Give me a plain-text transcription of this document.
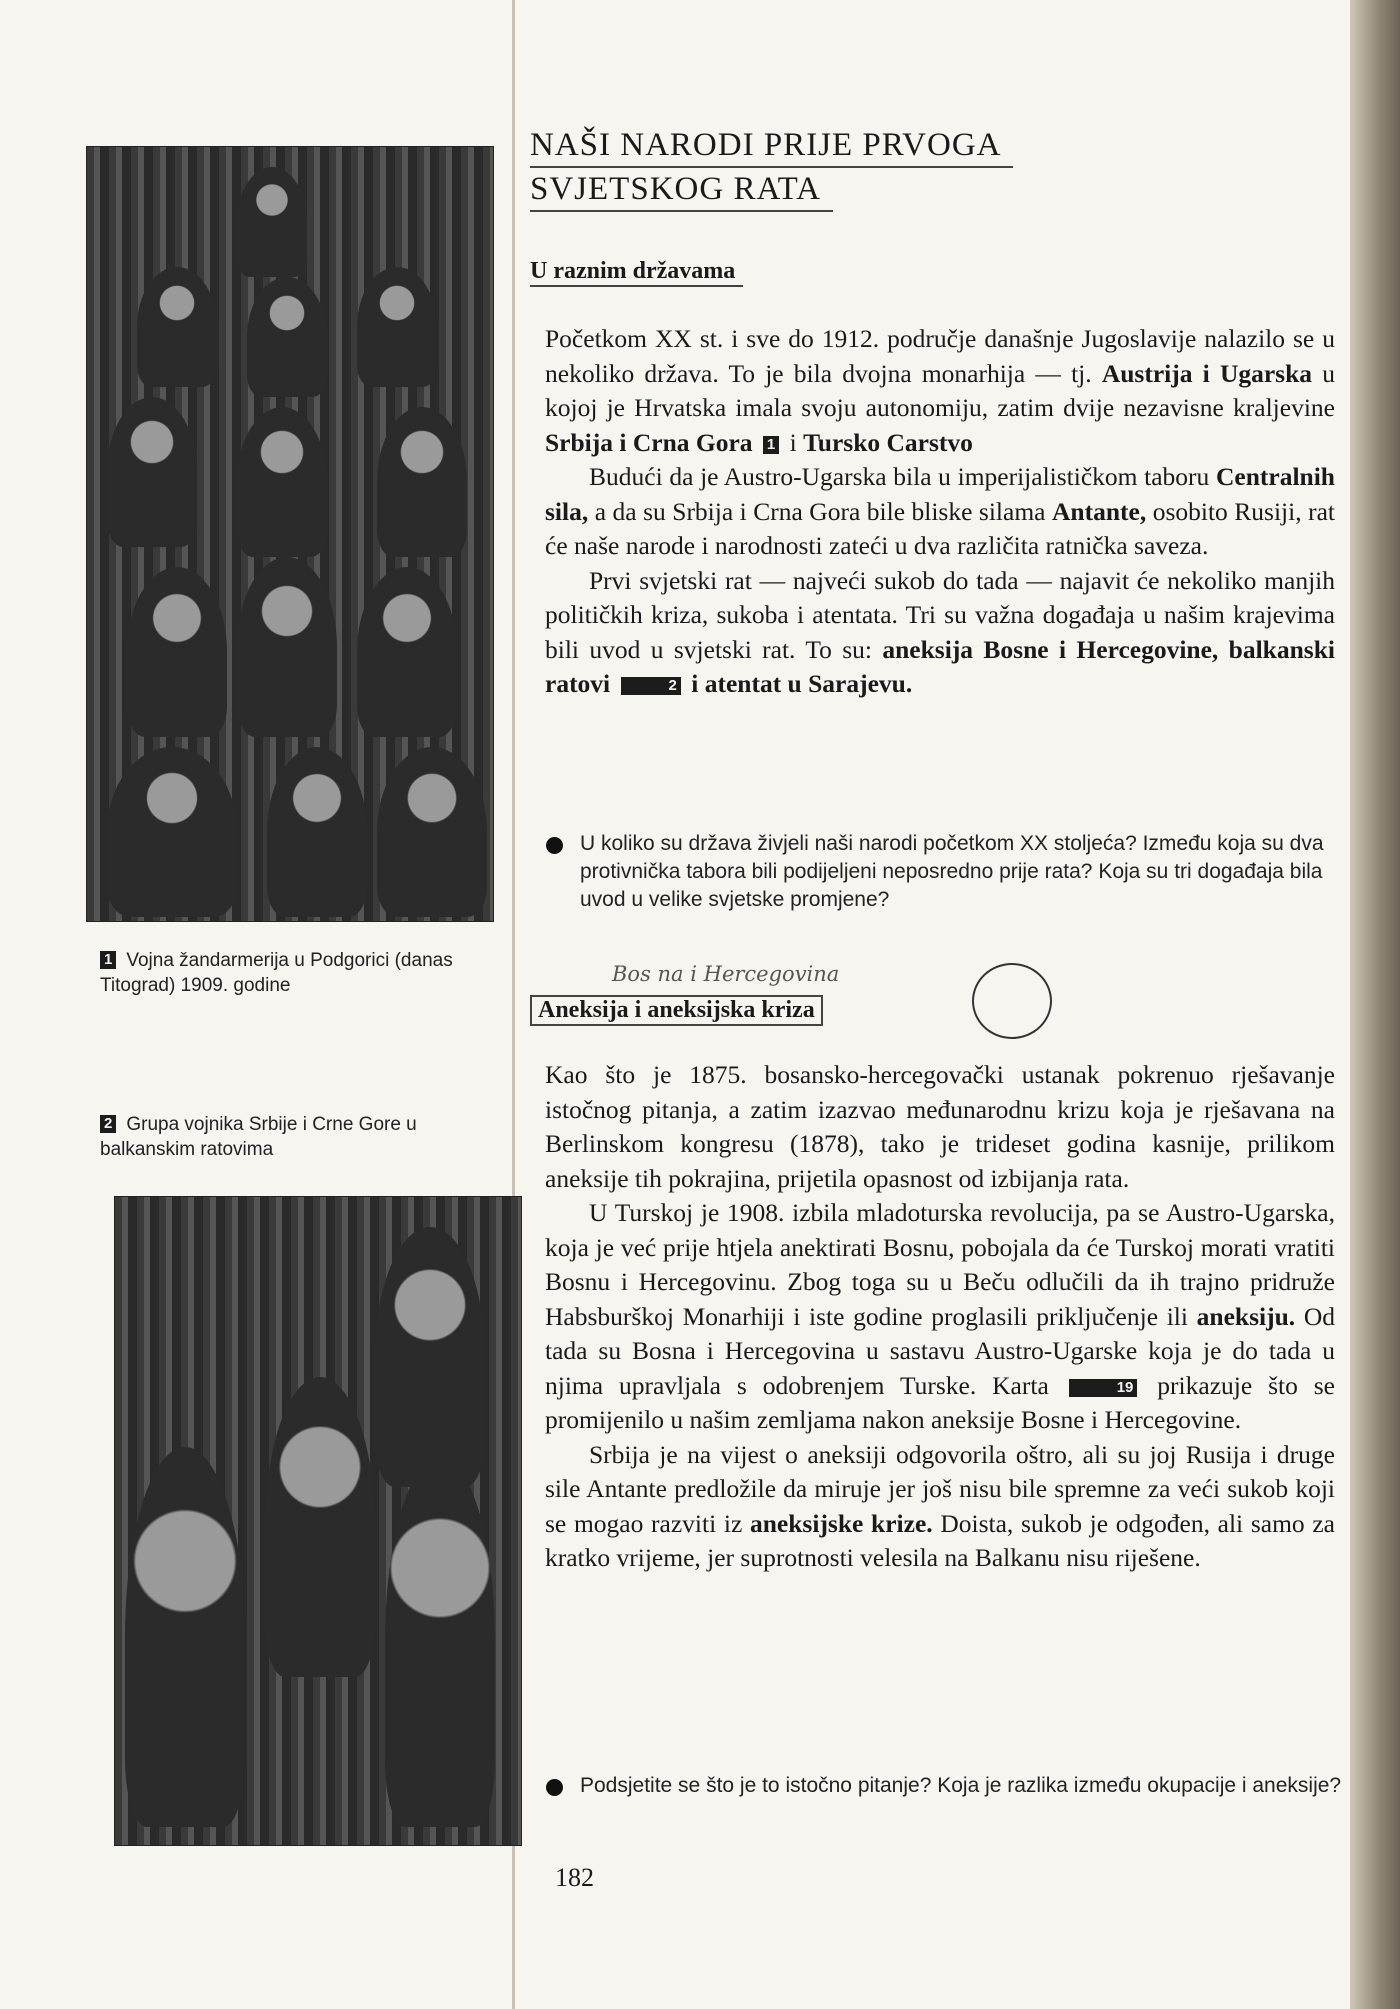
1 Vojna žandarmerija u Podgorici (danas Titograd) 1909. godine
2 Grupa vojnika Srbije i Crne Gore u balkanskim ratovima
NAŠI NARODI PRIJE PRVOGA
SVJETSKOG RATA
U raznim državama

Početkom XX st. i sve do 1912. područje današnje Jugoslavije nalazilo se u nekoliko država. To je bila dvojna monarhija — tj. Austrija i Ugarska u kojoj je Hrvatska imala svoju autonomiju, zatim dvije nezavisne kraljevine Srbija i Crna Gora 1 i Tursko Carstvo

Budući da je Austro-Ugarska bila u imperijalističkom taboru Centralnih sila, a da su Srbija i Crna Gora bile bliske silama Antante, osobito Rusiji, rat će naše narode i narodnosti zateći u dva različita ratnička saveza.

Prvi svjetski rat — najveći sukob do tada — najavit će nekoliko manjih političkih kriza, sukoba i atentata. Tri su važna događaja u našim krajevima bili uvod u svjetski rat. To su: aneksija Bosne i Hercegovine, balkanski ratovi	2 i atentat u Sarajevu.

U koliko su država živjeli naši narodi početkom XX stoljeća? Između koja su dva protivnička tabora bili podijeljeni neposredno prije rata? Koja su tri događaja bila uvod u velike svjetske promjene?
Bos na i Hercegovina
Aneksija i aneksijska kriza

Kao što je 1875. bosansko-hercegovački ustanak pokrenuo rješavanje istočnog pitanja, a zatim izazvao međunarodnu krizu koja je rješavana na Berlinskom kongresu (1878), tako je trideset godina kasnije, prilikom aneksije tih pokrajina, prijetila opasnost od izbijanja rata.

U Turskoj je 1908. izbila mladoturska revolucija, pa se Austro-Ugarska, koja je već prije htjela anektirati Bosnu, pobojala da će Turskoj morati vratiti Bosnu i Hercegovinu. Zbog toga su u Beču odlučili da ih trajno pridruže Habsburškoj Monarhiji i iste godine proglasili priključenje ili aneksiju. Od tada su Bosna i Hercegovina u sastavu Austro-Ugarske koja je do tada u njima upravljala s odobrenjem Turske. Karta	19 prikazuje što se promijenilo u našim zemljama nakon aneksije Bosne i Hercegovine.

Srbija je na vijest o aneksiji odgovorila oštro, ali su joj Rusija i druge sile Antante predložile da miruje jer još nisu bile spremne za veći sukob koji se mogao razviti iz aneksijske krize. Doista, sukob je odgođen, ali samo za kratko vrijeme, jer suprotnosti velesila na Balkanu nisu riješene.

Podsjetite se što je to istočno pitanje? Koja je razlika između okupacije i aneksije?
182
